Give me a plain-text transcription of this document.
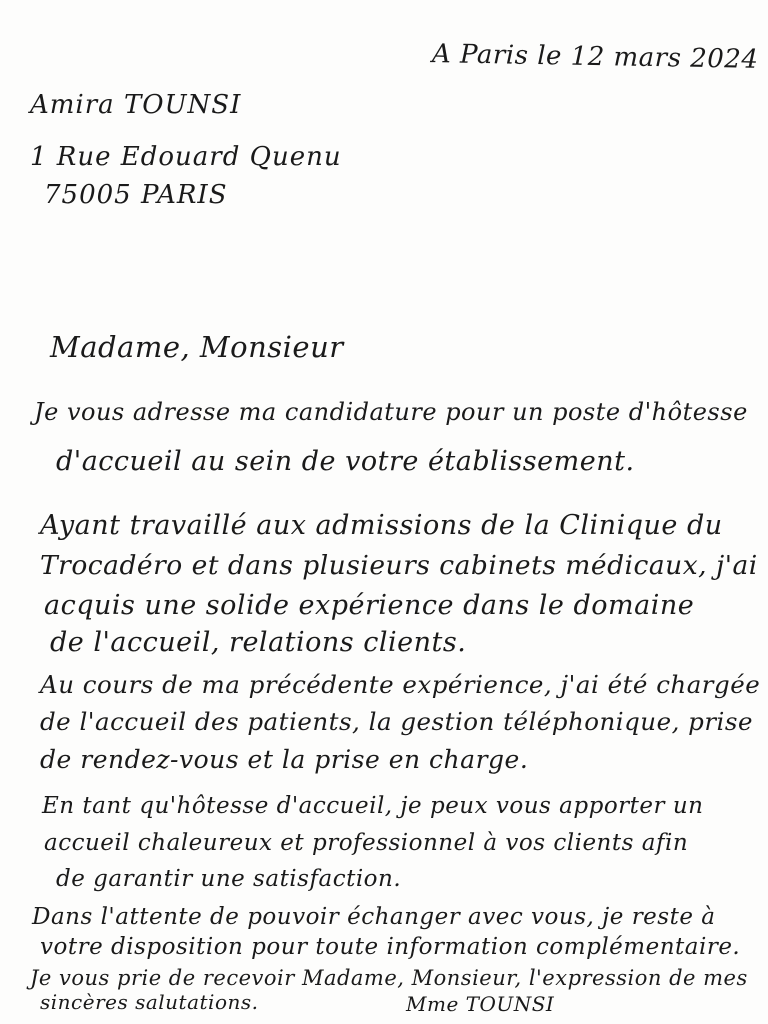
A Paris le 12 mars 2024
Amira TOUNSI
1 Rue Edouard Quenu
75005 PARIS
Madame, Monsieur
Je vous adresse ma candidature pour un poste d'hôtesse
d'accueil au sein de votre établissement.
Ayant travaillé aux admissions de la Clinique du
Trocadéro et dans plusieurs cabinets médicaux, j'ai
acquis une solide expérience dans le domaine
de l'accueil, relations clients.
Au cours de ma précédente expérience, j'ai été chargée
de l'accueil des patients, la gestion téléphonique, prise
de rendez-vous et la prise en charge.
En tant qu'hôtesse d'accueil, je peux vous apporter un
accueil chaleureux et professionnel à vos clients afin
de garantir une satisfaction.
Dans l'attente de pouvoir échanger avec vous, je reste à
votre disposition pour toute information complémentaire.
Je vous prie de recevoir Madame, Monsieur, l'expression de mes
sincères salutations.	Mme TOUNSI
